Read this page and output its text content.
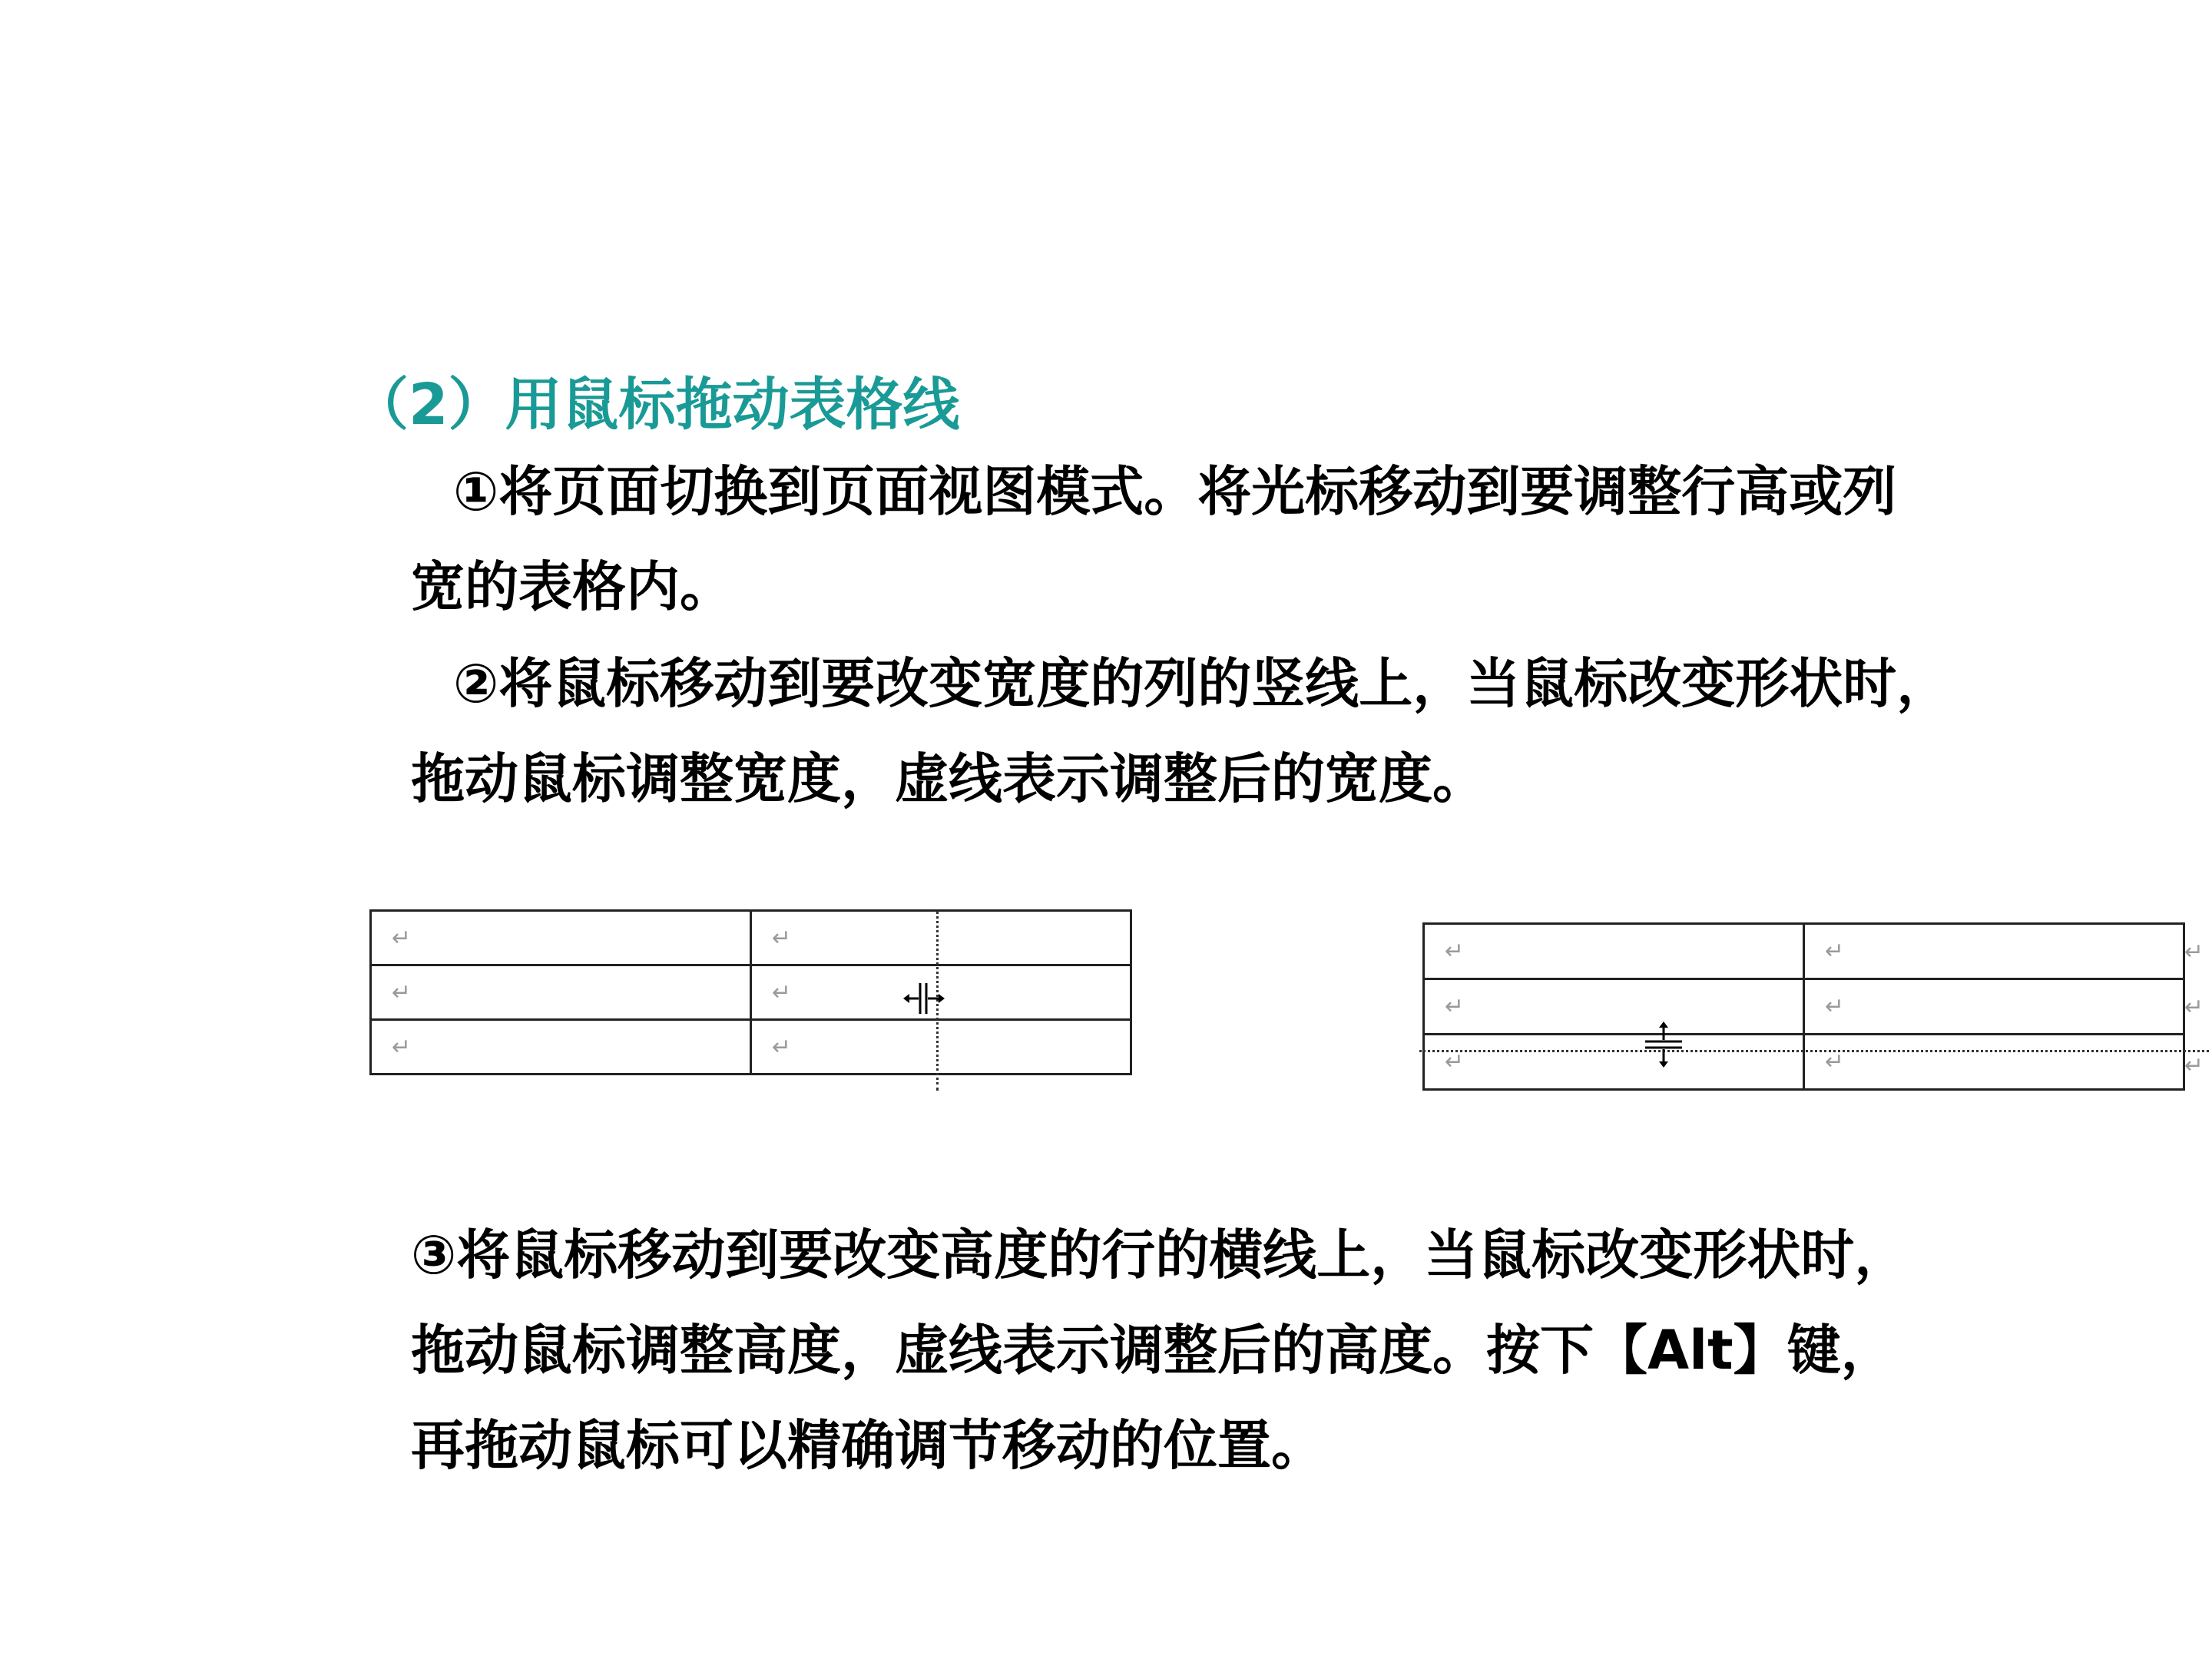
（2）用鼠标拖动表格线
①将页面切换到页面视图模式。将光标移动到要调整行高或列
宽的表格内。
②将鼠标移动到要改变宽度的列的竖线上，当鼠标改变形状时，
拖动鼠标调整宽度，虚线表示调整后的宽度。
↵	↵
↵	↵
↵	↵
↵	↵
↵	↵
↵	↵
↵
↵
↵
③将鼠标移动到要改变高度的行的横线上，当鼠标改变形状时，
拖动鼠标调整高度，虚线表示调整后的高度。按下【Alt】键，
再拖动鼠标可以精确调节移动的位置。
